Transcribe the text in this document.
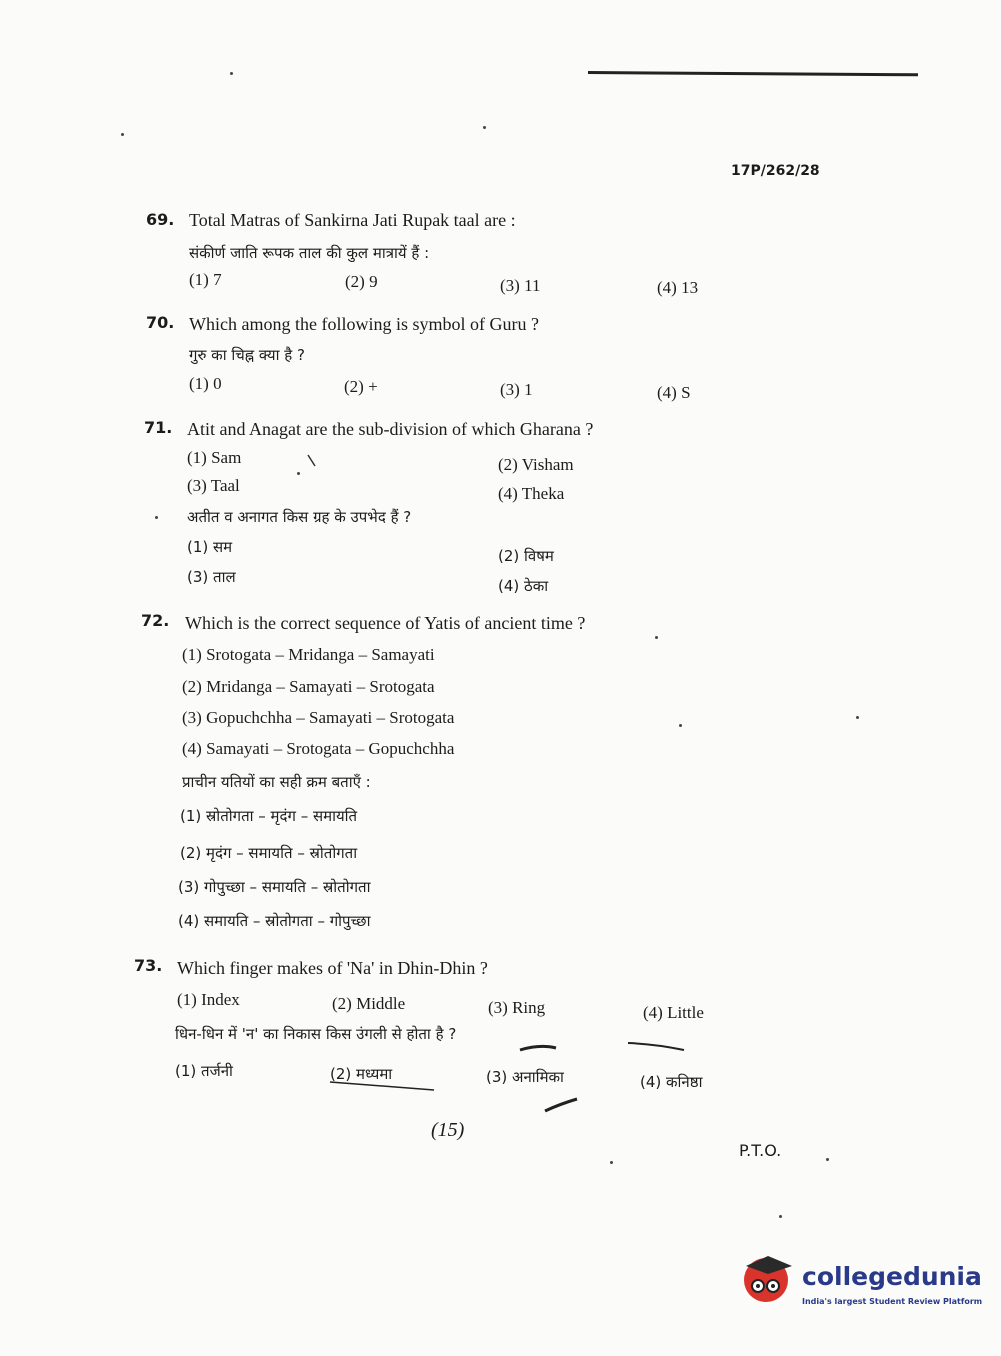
17P/262/28
69. Total Matras of Sankirna Jati Rupak taal are :
संकीर्ण जाति रूपक ताल की कुल मात्रायें हैं :
(1) 7	(2) 9	(3) 11	(4) 13
70. Which among the following is symbol of Guru ?
गुरु का चिह्न क्या है ?
(1) 0	(2) +	(3) 1	(4) S
71. Atit and Anagat are the sub-division of which Gharana ?
(1) Sam	(2) Visham
(3) Taal	(4) Theka
अतीत व अनागत किस ग्रह के उपभेद हैं ?
(1) सम	(2) विषम
(3) ताल	(4) ठेका
72. Which is the correct sequence of Yatis of ancient time ?
(1) Srotogata – Mridanga – Samayati
(2) Mridanga – Samayati – Srotogata
(3) Gopuchchha – Samayati – Srotogata
(4) Samayati – Srotogata – Gopuchchha
प्राचीन यतियों का सही क्रम बताएँ :
(1) स्रोतोगता – मृदंग – समायति
(2) मृदंग – समायति – स्रोतोगता
(3) गोपुच्छा – समायति – स्रोतोगता
(4) समायति – स्रोतोगता – गोपुच्छा
73. Which finger makes of 'Na' in Dhin-Dhin ?
(1) Index	(2) Middle	(3) Ring	(4) Little
धिन-धिन में 'न' का निकास किस उंगली से होता है ?
(1) तर्जनी	(2) मध्यमा	(3) अनामिका	(4) कनिष्ठा
(15)
P.T.O.
collegedunia
India's largest Student Review Platform
